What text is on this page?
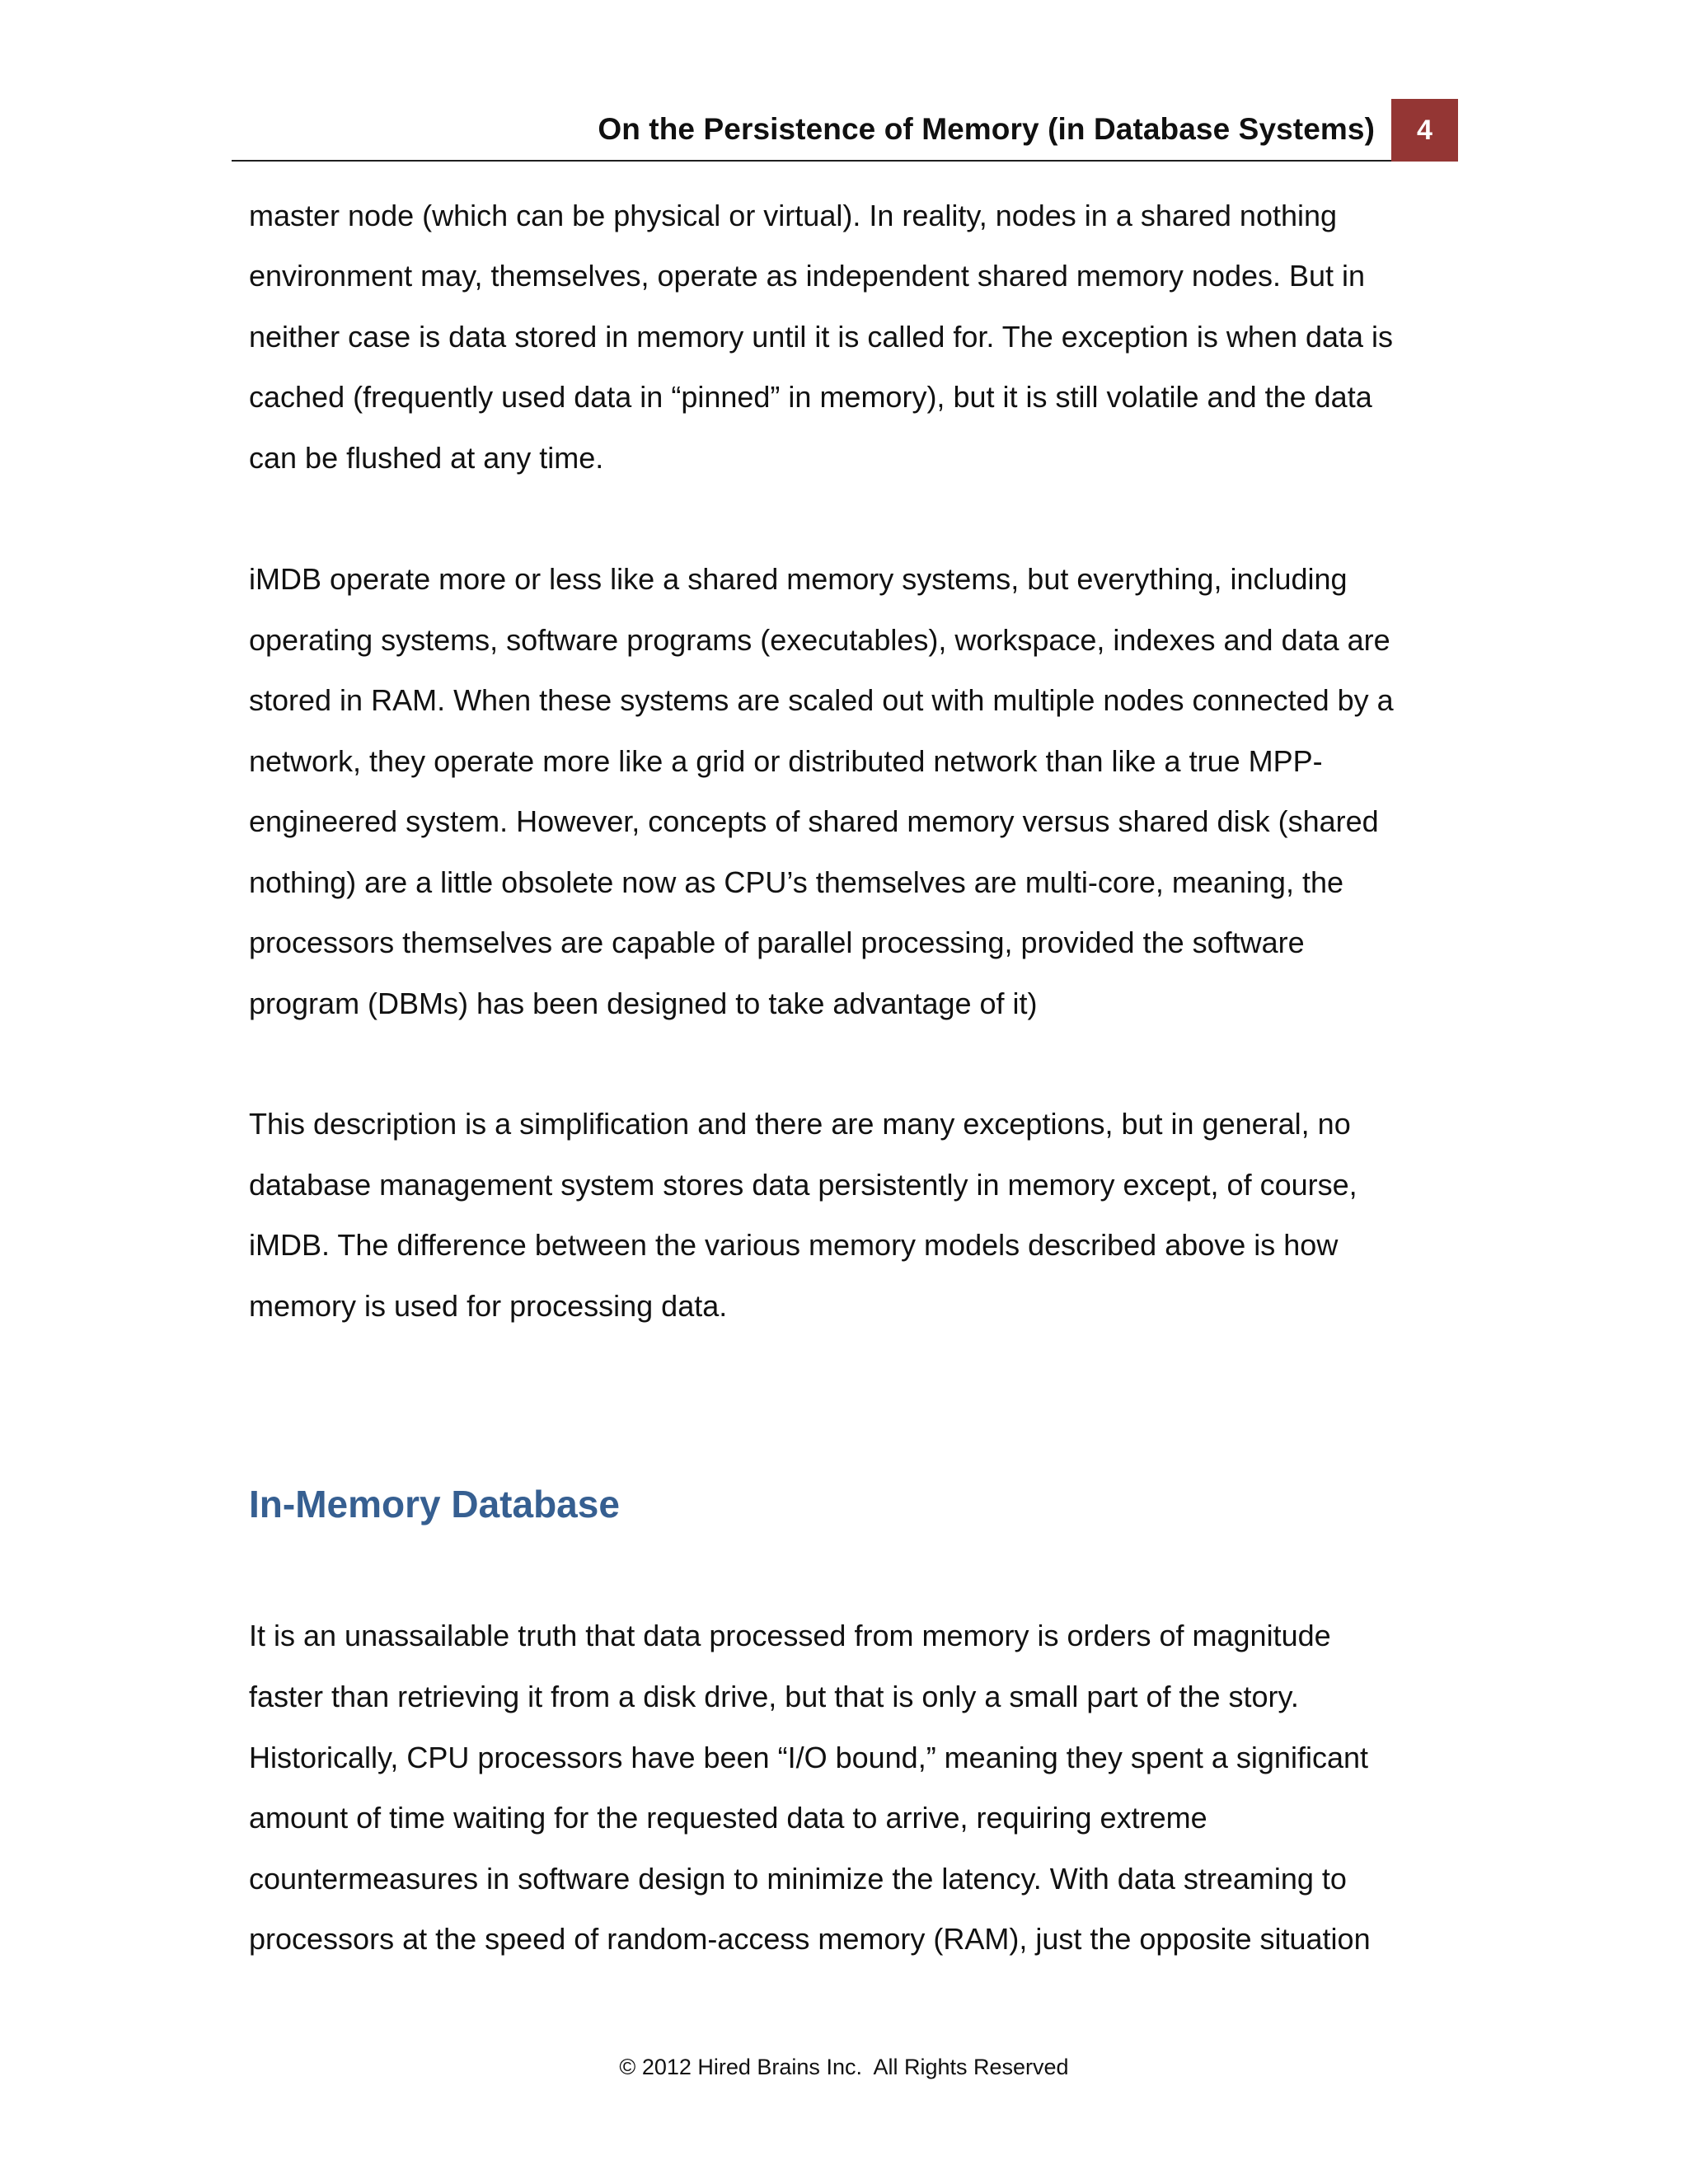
On the Persistence of Memory (in Database Systems)	4
master node (which can be physical or virtual). In reality, nodes in a shared nothing
environment may, themselves, operate as independent shared memory nodes. But in
neither case is data stored in memory until it is called for. The exception is when data is
cached (frequently used data in “pinned” in memory), but it is still volatile and the data
can be flushed at any time.
iMDB operate more or less like a shared memory systems, but everything, including
operating systems, software programs (executables), workspace, indexes and data are
stored in RAM. When these systems are scaled out with multiple nodes connected by a
network, they operate more like a grid or distributed network than like a true MPP-
engineered system. However, concepts of shared memory versus shared disk (shared
nothing) are a little obsolete now as CPU’s themselves are multi-core, meaning, the
processors themselves are capable of parallel processing, provided the software
program (DBMs) has been designed to take advantage of it)
This description is a simplification and there are many exceptions, but in general, no
database management system stores data persistently in memory except, of course,
iMDB. The difference between the various memory models described above is how
memory is used for processing data.
In-Memory Database
It is an unassailable truth that data processed from memory is orders of magnitude
faster than retrieving it from a disk drive, but that is only a small part of the story.
Historically, CPU processors have been “I/O bound,” meaning they spent a significant
amount of time waiting for the requested data to arrive, requiring extreme
countermeasures in software design to minimize the latency. With data streaming to
processors at the speed of random-access memory (RAM), just the opposite situation
© 2012 Hired Brains Inc.  All Rights Reserved
